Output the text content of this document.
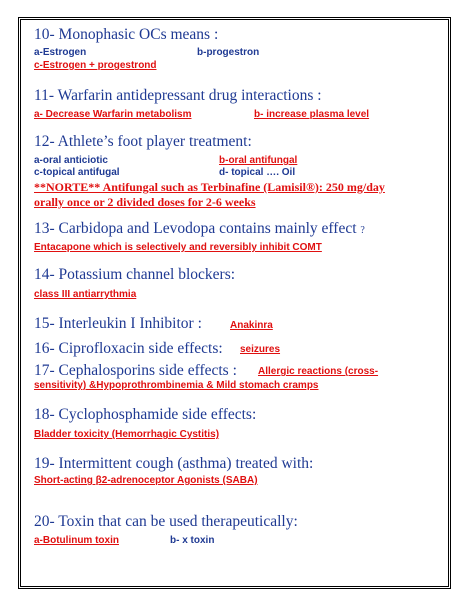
10- Monophasic OCs means :
a-Estrogen	b-progestron
c-Estrogen + progestrond
11- Warfarin antidepressant drug interactions :
a- Decrease Warfarin metabolism	b- increase plasma level
12- Athlete’s foot player treatment:
a-oral anticiotic	b-oral antifungal
c-topical antifugal	d- topical …. Oil
**NORTE** Antifungal such as Terbinafine (Lamisil®): 250 mg/day
orally once or 2 divided doses for 2-6 weeks
13- Carbidopa and Levodopa contains mainly effect ?
Entacapone which is selectively and reversibly inhibit COMT
14- Potassium channel blockers:
class III antiarrythmia
15- Interleukin I Inhibitor :	Anakinra
16- Ciprofloxacin side effects: seizures
17- Cephalosporins side effects : Allergic reactions (cross-
sensitivity) &Hypoprothrombinemia & Mild stomach cramps
18- Cyclophosphamide side effects:
Bladder toxicity (Hemorrhagic Cystitis)
19- Intermittent cough (asthma) treated with:
Short-acting β2-adrenoceptor Agonists (SABA)
20- Toxin that can be used therapeutically:
a-Botulinum toxin	b- x toxin
